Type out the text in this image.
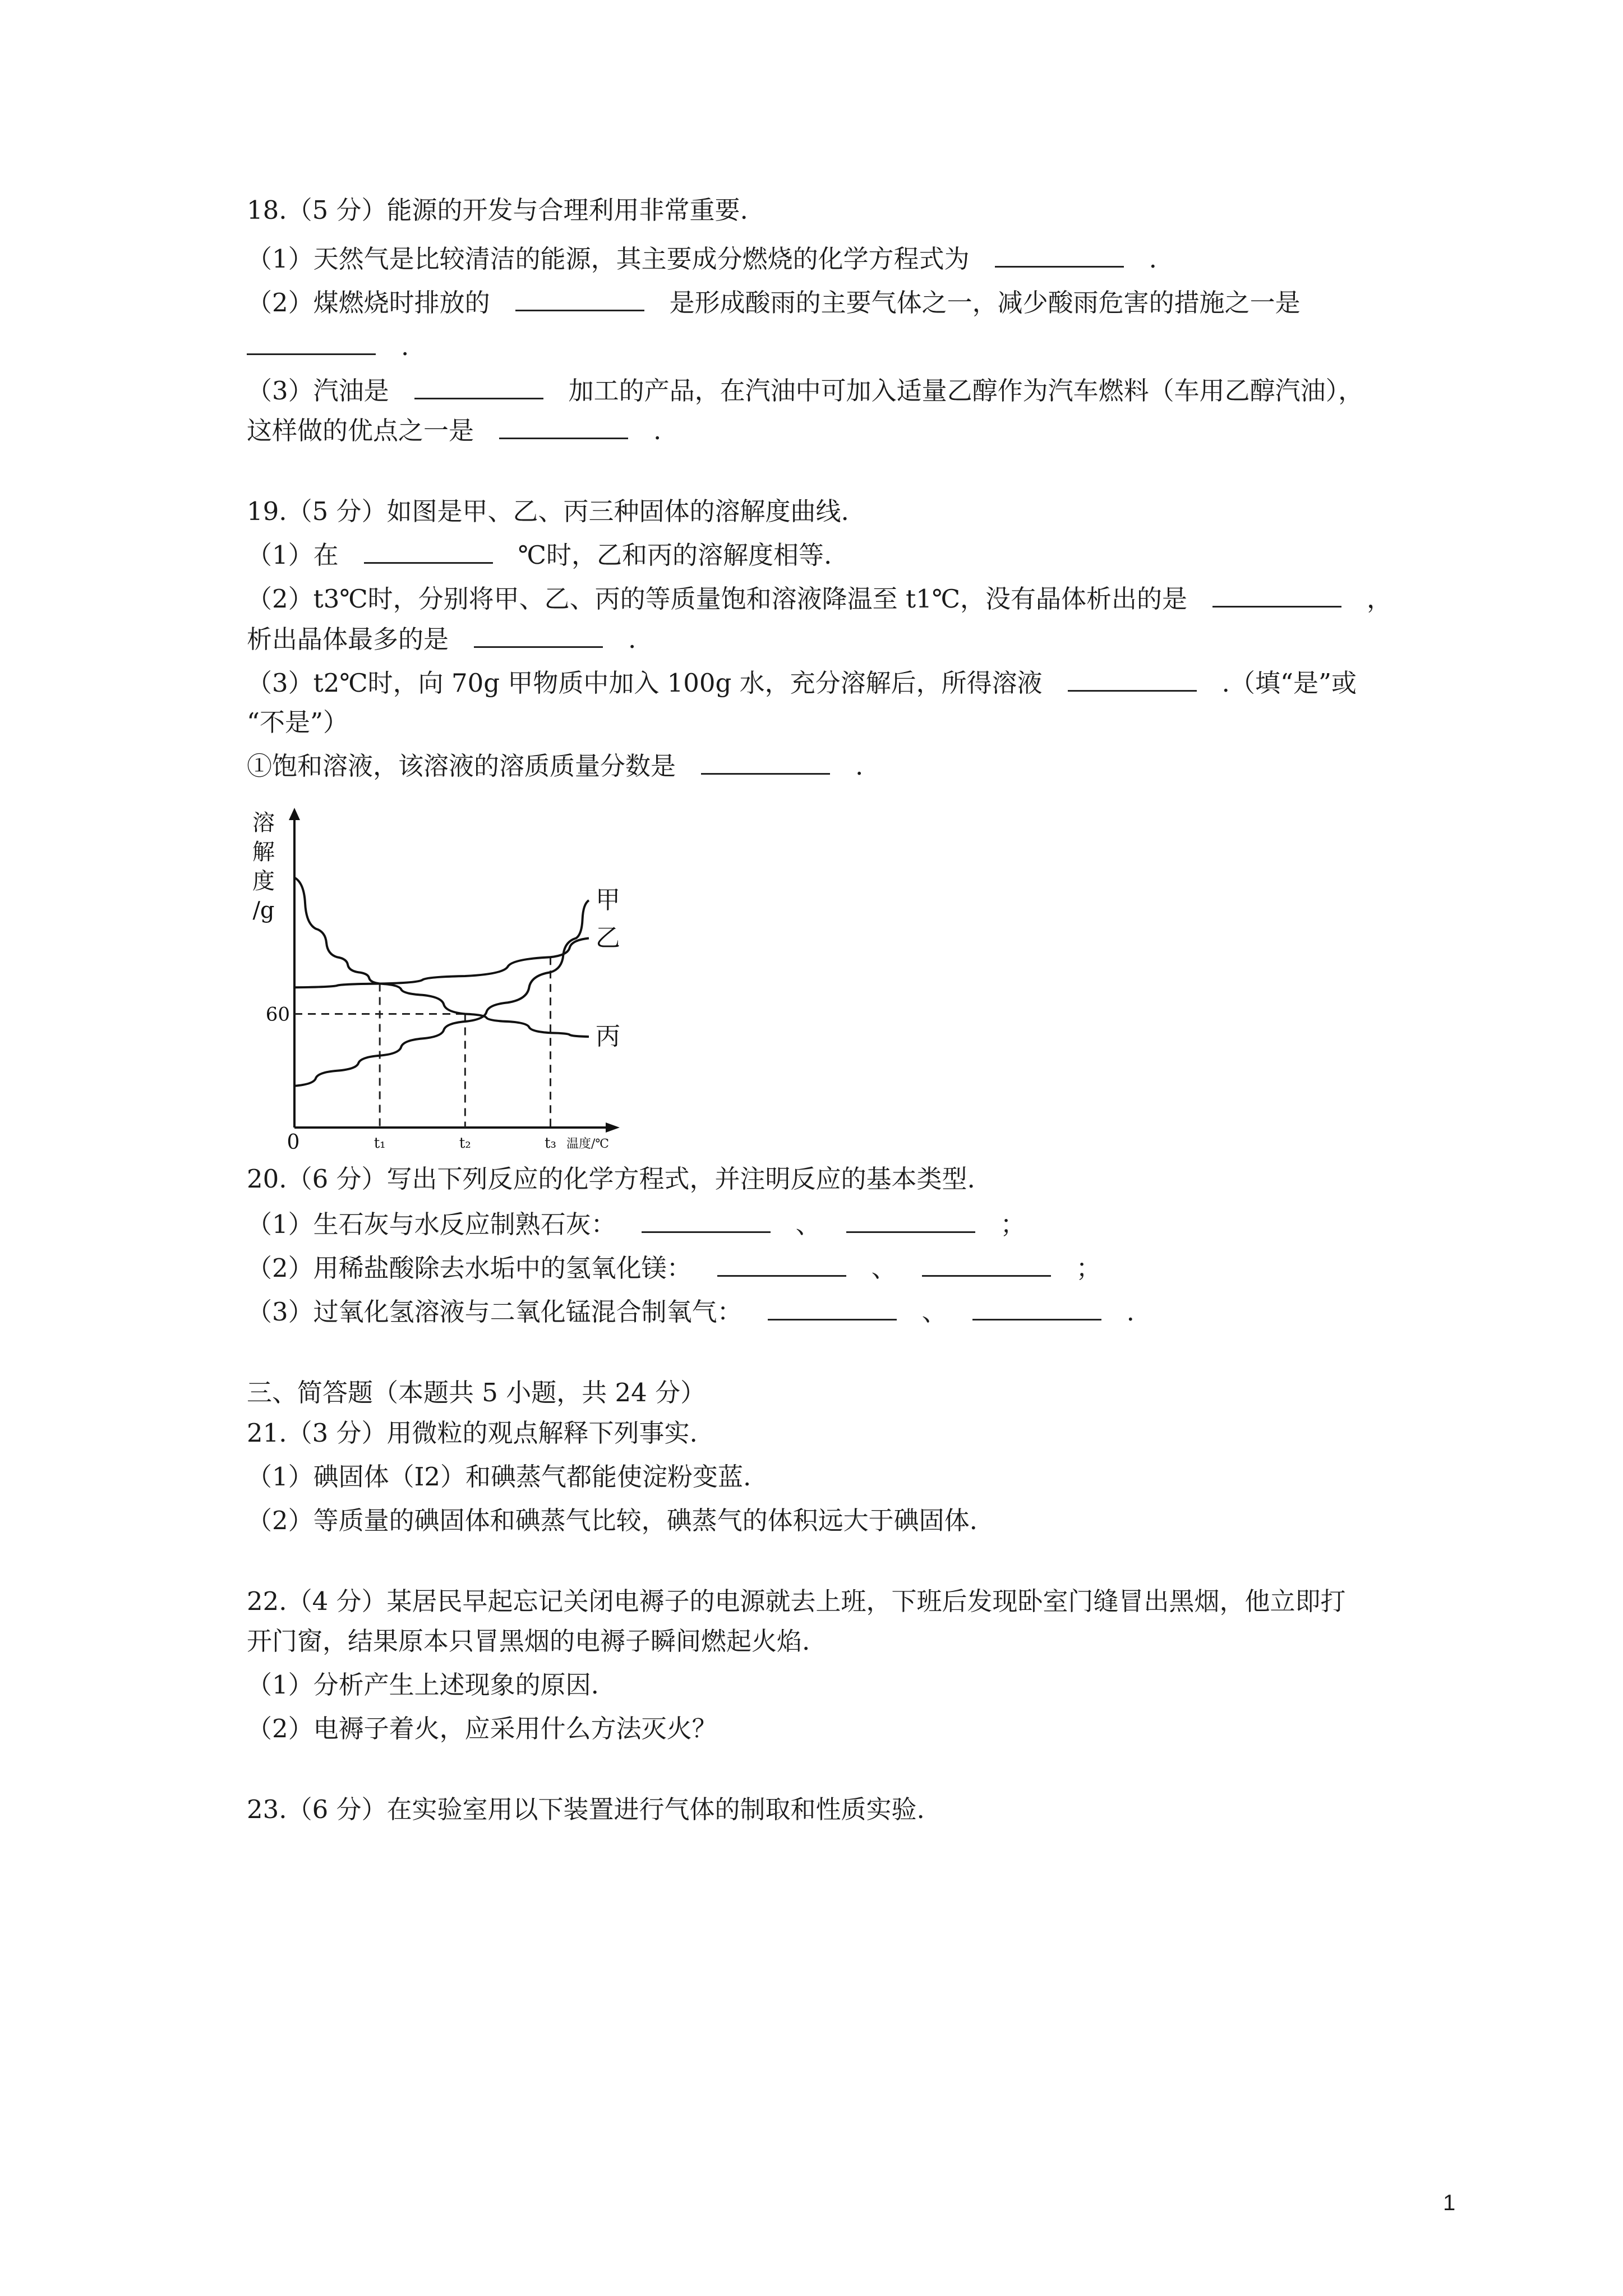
18.（5 分）能源的开发与合理利用非常重要.
（1）天然气是比较清洁的能源，其主要成分燃烧的化学方程式为	.
（2）煤燃烧时排放的	是形成酸雨的主要气体之一，减少酸雨危害的措施之一是
.
（3）汽油是	加工的产品，在汽油中可加入适量乙醇作为汽车燃料（车用乙醇汽油），
这样做的优点之一是	.
19.（5 分）如图是甲、乙、丙三种固体的溶解度曲线.
（1）在	℃时，乙和丙的溶解度相等.
（2）t3℃时，分别将甲、乙、丙的等质量饱和溶液降温至 t1℃，没有晶体析出的是	，
析出晶体最多的是	.
（3）t2℃时，向 70g 甲物质中加入 100g 水，充分溶解后，所得溶液	.（填“是”或
“不是”）
①饱和溶液，该溶液的溶质质量分数是	.
溶
解
度
/g
0
60
t₁	t₂	t₃ 温度/℃
甲
乙
丙
20.（6 分）写出下列反应的化学方程式，并注明反应的基本类型.
（1）生石灰与水反应制熟石灰：	、	；
（2）用稀盐酸除去水垢中的氢氧化镁：	、	；
（3）过氧化氢溶液与二氧化锰混合制氧气：	、	.
三、简答题（本题共 5 小题，共 24 分）
21.（3 分）用微粒的观点解释下列事实.
（1）碘固体（I2）和碘蒸气都能使淀粉变蓝.
（2）等质量的碘固体和碘蒸气比较，碘蒸气的体积远大于碘固体.
22.（4 分）某居民早起忘记关闭电褥子的电源就去上班，下班后发现卧室门缝冒出黑烟，他立即打
开门窗，结果原本只冒黑烟的电褥子瞬间燃起火焰.
（1）分析产生上述现象的原因.
（2）电褥子着火，应采用什么方法灭火？
23.（6 分）在实验室用以下装置进行气体的制取和性质实验.
1
